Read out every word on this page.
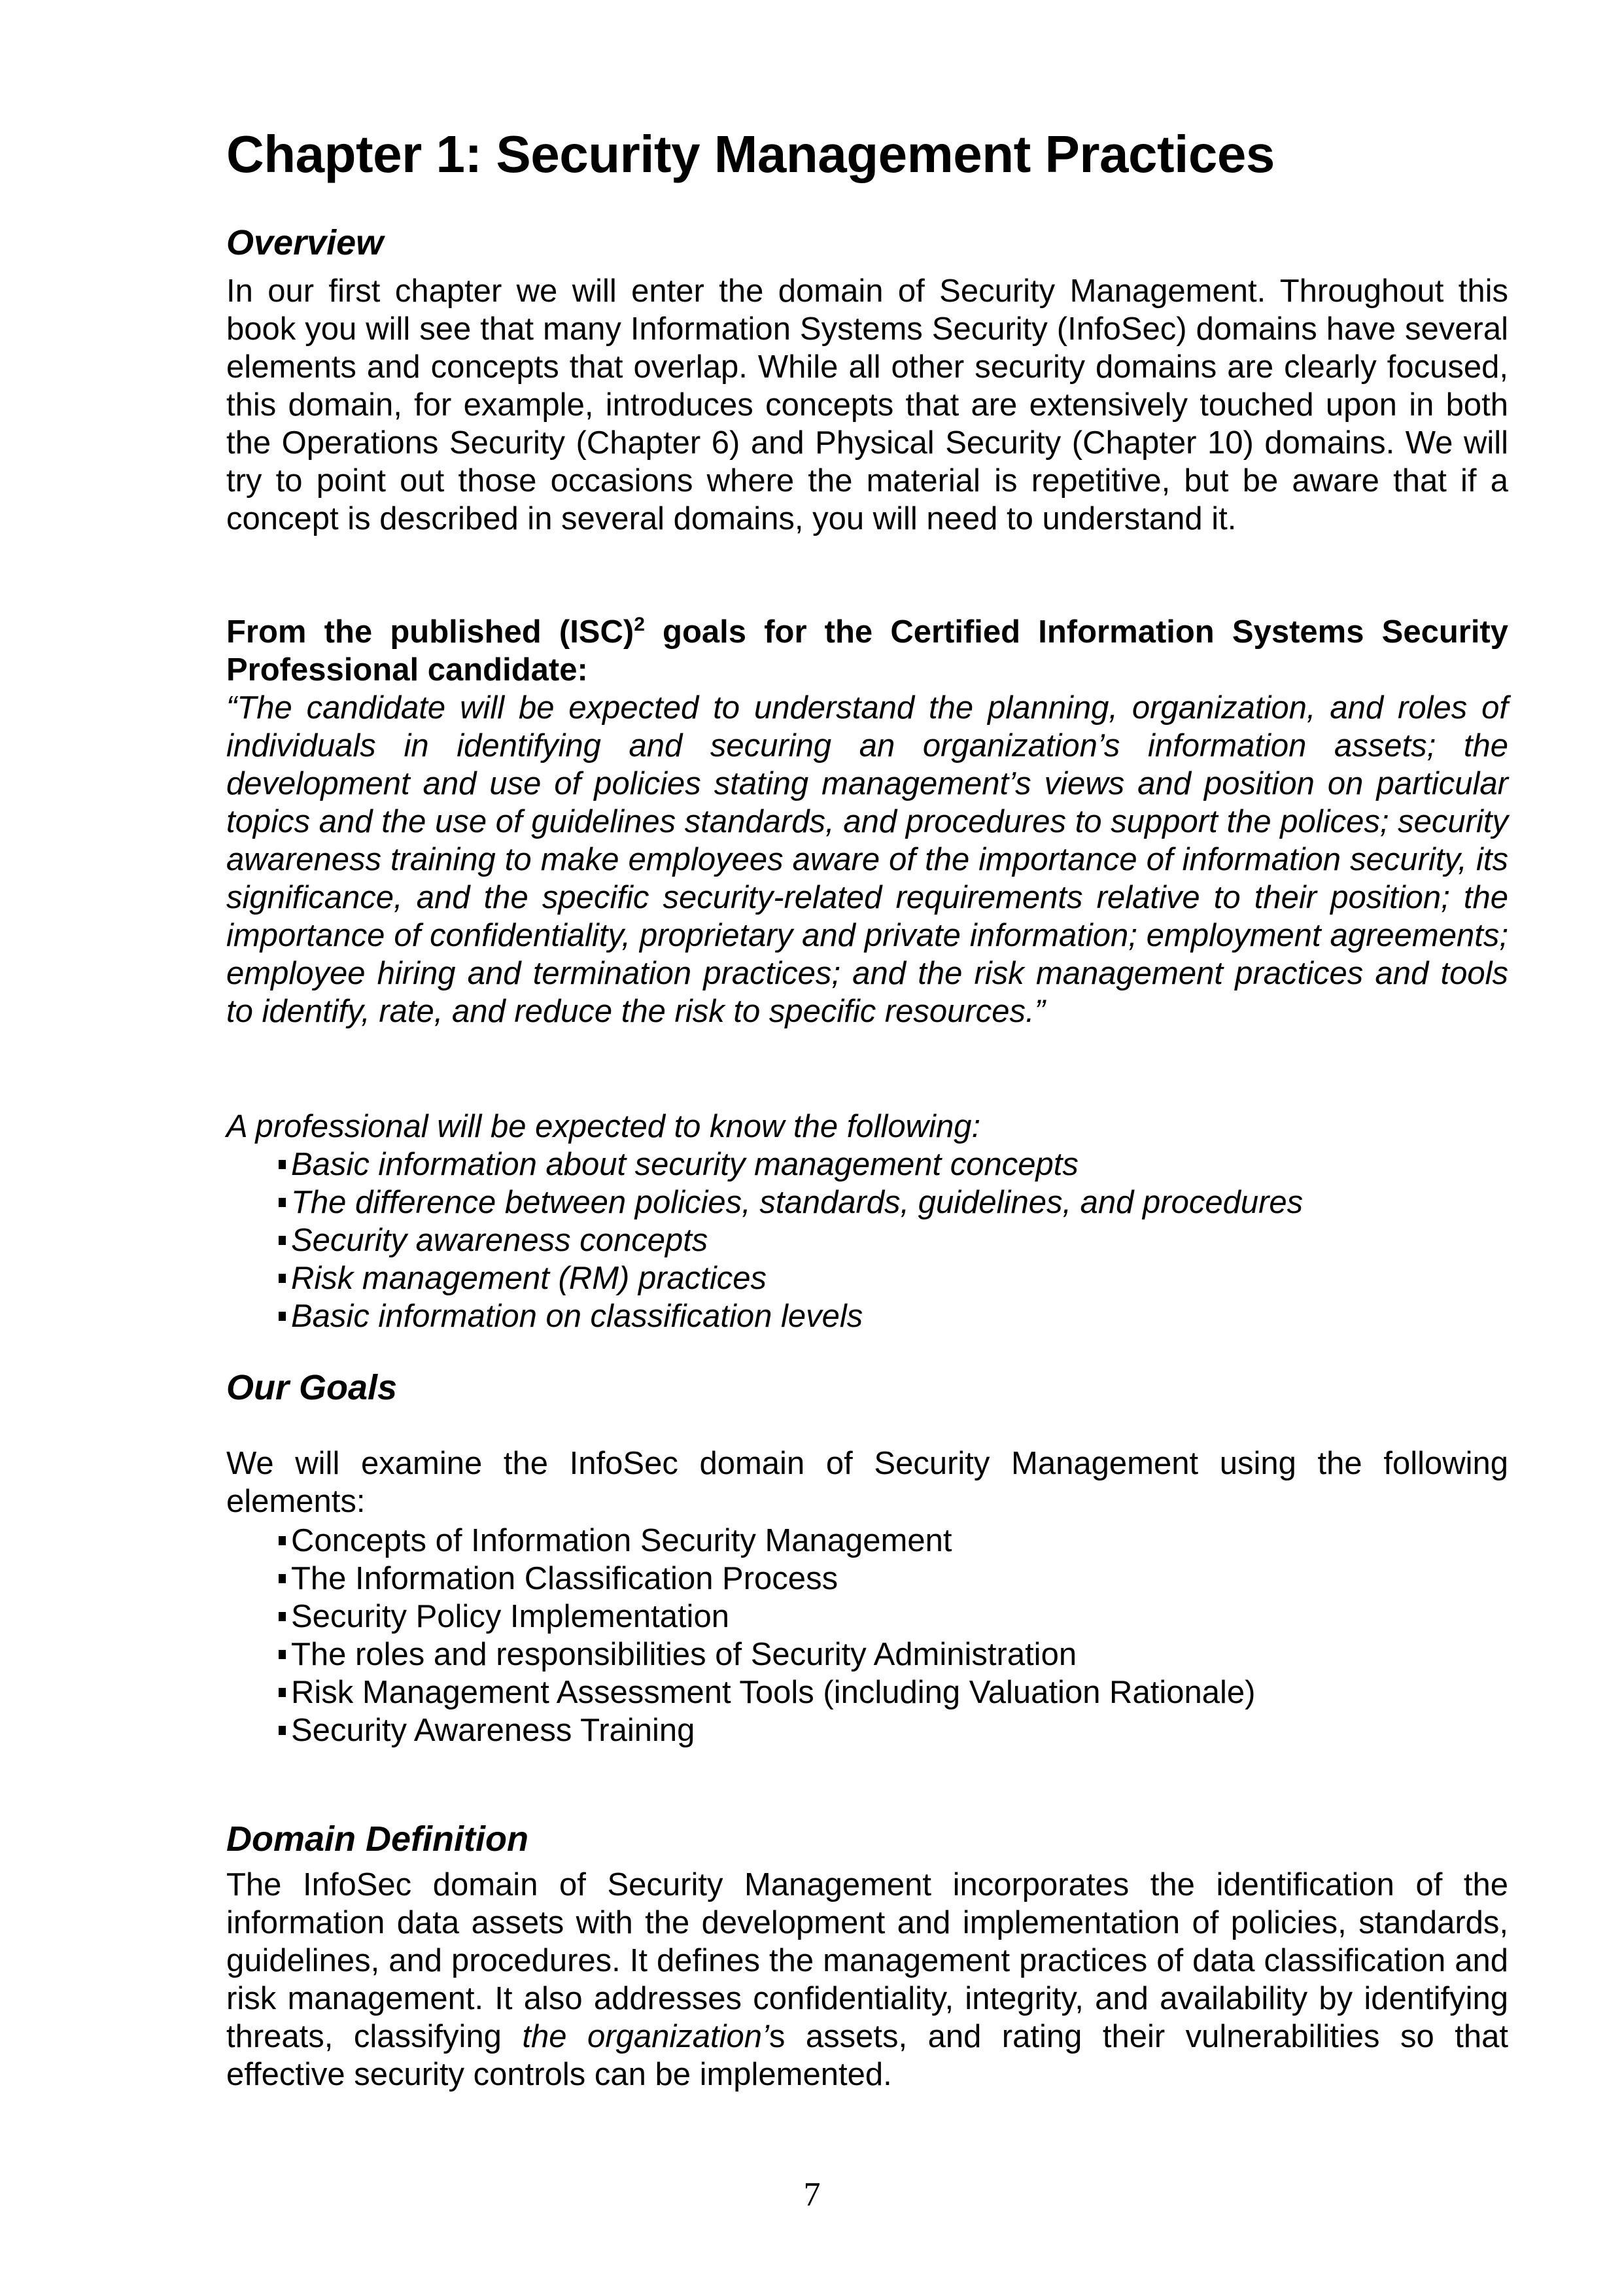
Chapter 1: Security Management Practices
Overview

In our first chapter we will enter the domain of Security Management. Throughout this book you will see that many Information Systems Security (InfoSec) domains have several elements and concepts that overlap. While all other security domains are clearly focused, this domain, for example, introduces concepts that are extensively touched upon in both the Operations Security (Chapter 6) and Physical Security (Chapter 10) domains. We will try to point out those occasions where the material is repetitive, but be aware that if a concept is described in several domains, you will need to understand it.

From the published (ISC)$^2$ goals for the Certified Information Systems Security Professional candidate:

“The candidate will be expected to understand the planning, organization, and roles of individuals in identifying and securing an organization’s information assets; the development and use of policies stating management’s views and position on particular topics and the use of guidelines standards, and procedures to support the polices; security awareness training to make employees aware of the importance of information security, its significance, and the specific security-related requirements relative to their position; the importance of confidentiality, proprietary and private information; employment agreements; employee hiring and termination practices; and the risk management practices and tools to identify, rate, and reduce the risk to specific resources.”

A professional will be expected to know the following:

Basic information about security management concepts
The difference between policies, standards, guidelines, and procedures
Security awareness concepts
Risk management (RM) practices
Basic information on classification levels
Our Goals

We will examine the InfoSec domain of Security Management using the following elements:

Concepts of Information Security Management
The Information Classification Process
Security Policy Implementation
The roles and responsibilities of Security Administration
Risk Management Assessment Tools (including Valuation Rationale)
Security Awareness Training
Domain Definition

The InfoSec domain of Security Management incorporates the identification of the information data assets with the development and implementation of policies, standards, guidelines, and procedures. It defines the management practices of data classification and risk management. It also addresses confidentiality, integrity, and availability by identifying threats, classifying the organization’s assets, and rating their vulnerabilities so that effective security controls can be implemented.

7
